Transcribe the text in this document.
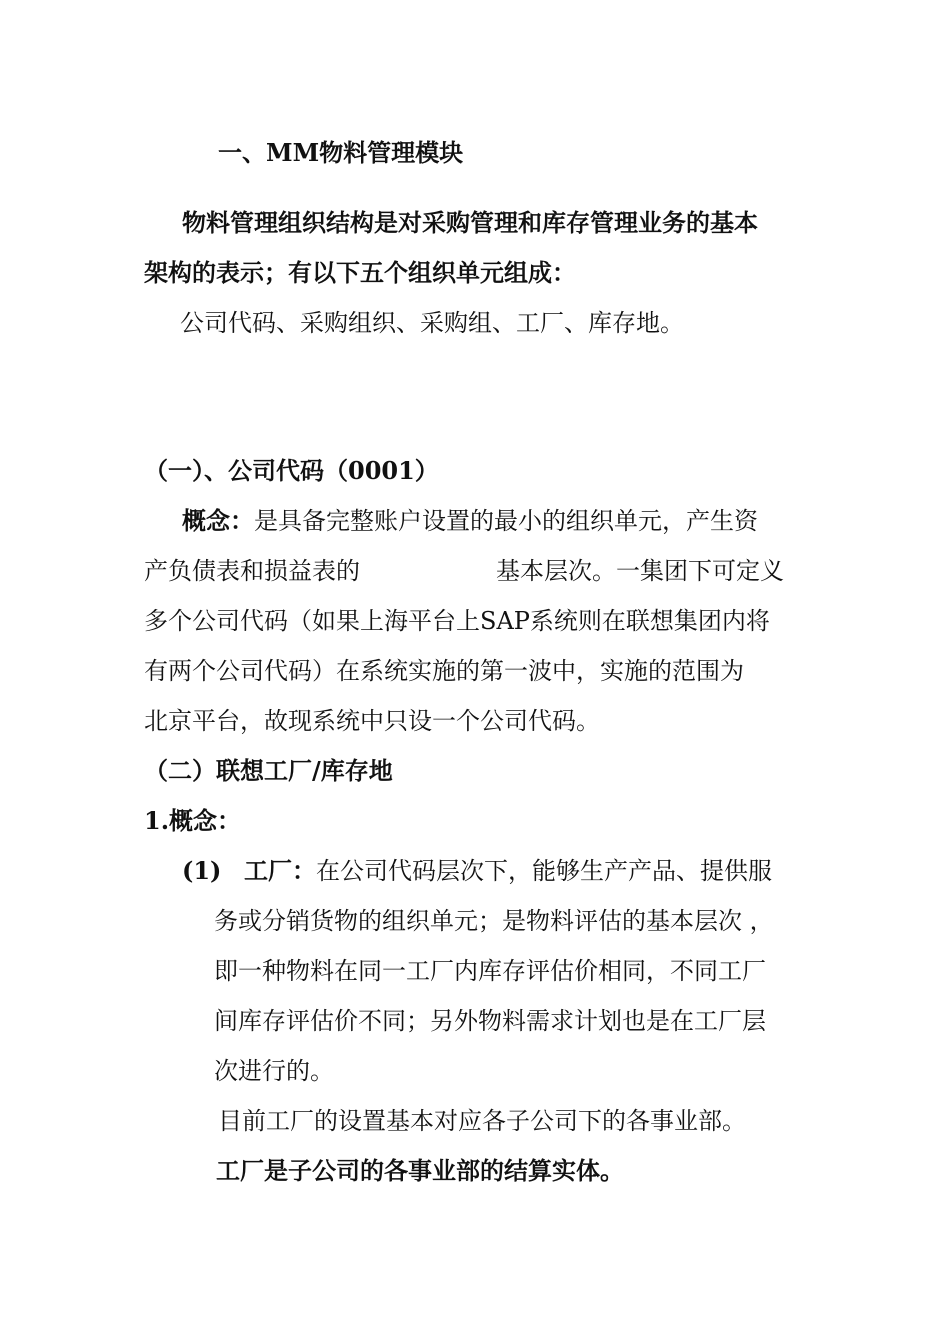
一、MM物料管理模块
物料管理组织结构是对采购管理和库存管理业务的基本
架构的表示；有以下五个组织单元组成：
公司代码、采购组织、采购组、工厂、库存地。
（一）、公司代码（0001）
概念：是具备完整账户设置的最小的组织单元，产生资
产负债表和损益表的	基本层次。一集团下可定义
多个公司代码（如果上海平台上SAP系统则在联想集团内将
有两个公司代码）在系统实施的第一波中，实施的范围为
北京平台，故现系统中只设一个公司代码。
（二）联想工厂/库存地
1.概念：
(1) 工厂：在公司代码层次下，能够生产产品、提供服
务或分销货物的组织单元；是物料评估的基本层次 ，
即一种物料在同一工厂内库存评估价相同，不同工厂
间库存评估价不同；另外物料需求计划也是在工厂层
次进行的。
目前工厂的设置基本对应各子公司下的各事业部。
工厂是子公司的各事业部的结算实体。
